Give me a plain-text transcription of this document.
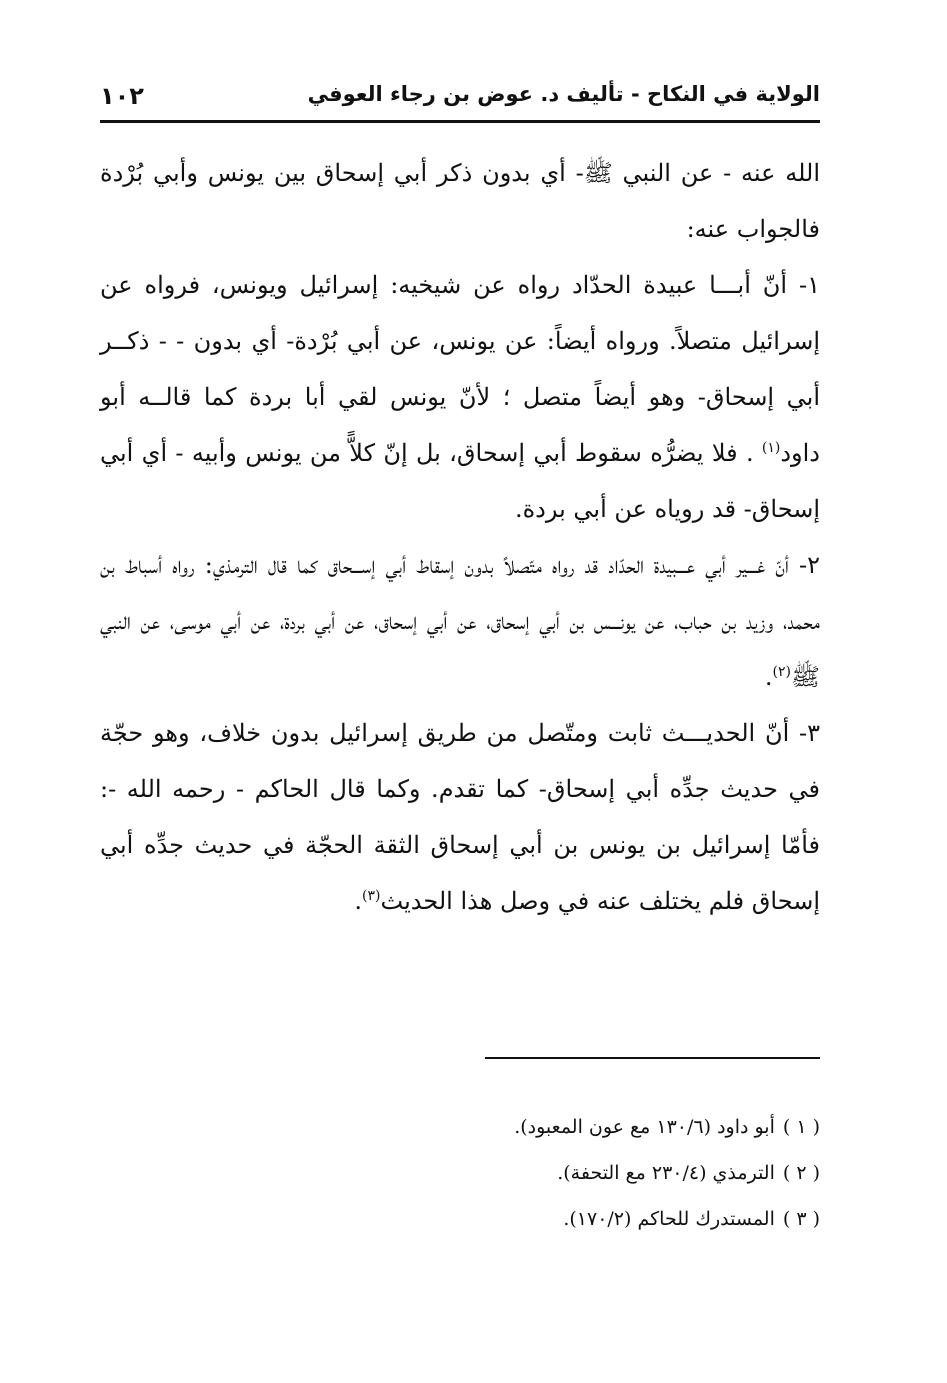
الولاية في النكاح - تأليف د. عوض بن رجاء العوفي
١٠٢

الله عنه - عن النبي ﷺ- أي بدون ذكر أبي إسحاق بين يونس وأبي بُرْدة فالجواب عنه:

١- أنّ أبـــا عبيدة الحدّاد رواه عن شيخيه: إسرائيل ويونس، فرواه عن إسرائيل متصلاً. ورواه أيضاً: عن يونس، عن أبي بُرْدة- أي بدون - - ذكــر أبي إسحاق- وهو أيضاً متصل ؛ لأنّ يونس لقي أبا بردة كما قالــه أبو داود$^{(١)}$ . فلا يضرُّه سقوط أبي إسحاق، بل إنّ كلاًّ من يونس وأبيه - أي أبي إسحاق- قد روياه عن أبي بردة.

٢- أنّ غـــير أبي عـــبيدة الحدّاد قد رواه متّصلاً بدون إسقاط أبي إســـحاق كما قال الترمذي: رواه أسباط بن محمد، وزيد بن حباب، عن يونـــس بن أبي إسحاق، عن أبي إسحاق، عن أبي بردة، عن أبي موسى، عن النبي ﷺ$^{(٢)}$.

٣- أنّ الحديـــث ثابت ومتّصل من طريق إسرائيل بدون خلاف، وهو حجّة في حديث جدِّه أبي إسحاق- كما تقدم. وكما قال الحاكم - رحمه الله -: فأمّا إسرائيل بن يونس بن أبي إسحاق الثقة الحجّة في حديث جدِّه أبي إسحاق فلم يختلف عنه في وصل هذا الحديث$^{(٣)}$.

( ١ )أبو داود (١٣٠/٦ مع عون المعبود).
( ٢ )الترمذي (٢٣٠/٤ مع التحفة).
( ٣ )المستدرك للحاكم (١٧٠/٢).
